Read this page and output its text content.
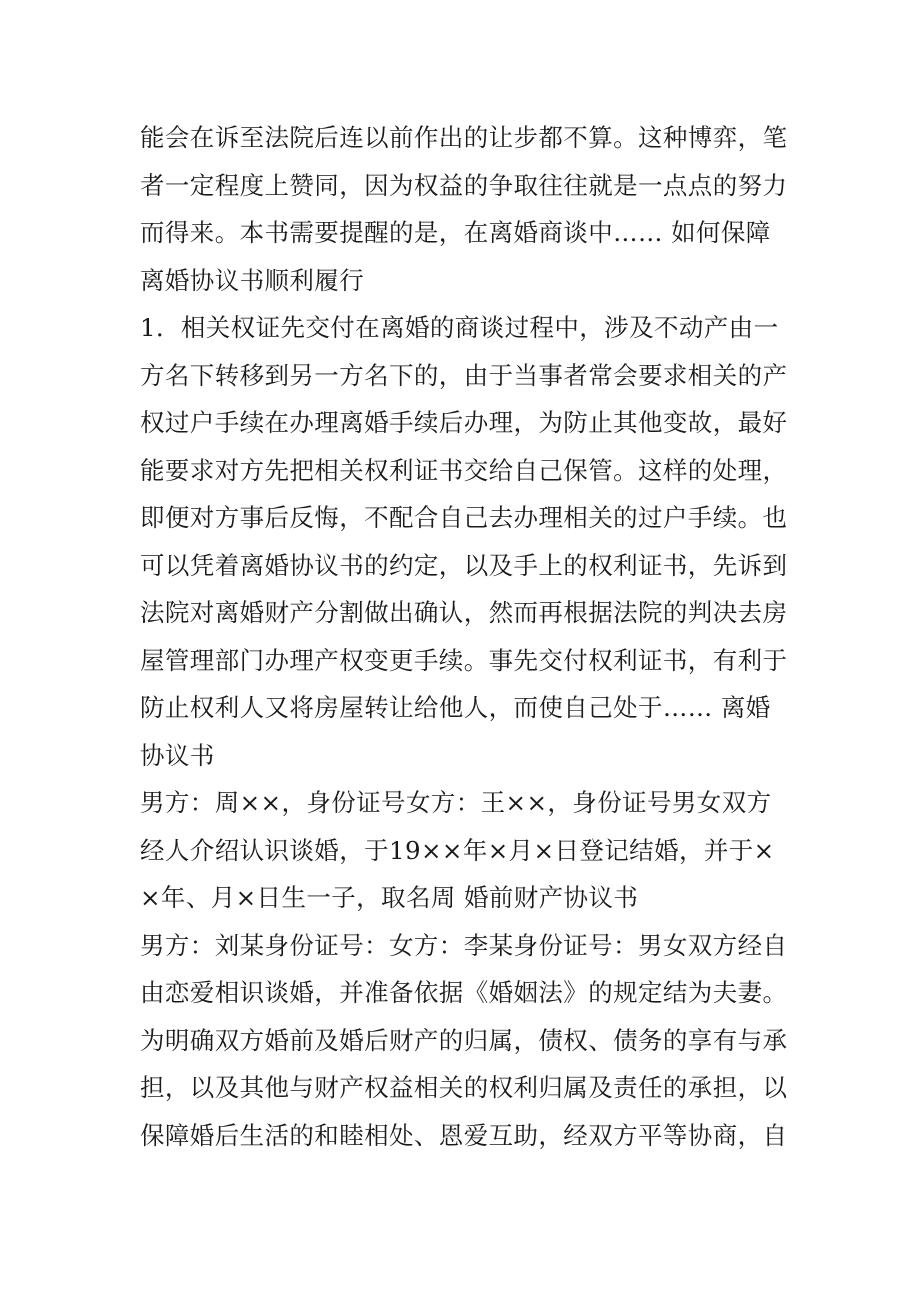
能会在诉至法院后连以前作出的让步都不算。这种博弈，笔
者一定程度上赞同，因为权益的争取往往就是一点点的努力
而得来。本书需要提醒的是，在离婚商谈中…… 如何保障
离婚协议书顺利履行
1．相关权证先交付在离婚的商谈过程中，涉及不动产由一
方名下转移到另一方名下的，由于当事者常会要求相关的产
权过户手续在办理离婚手续后办理，为防止其他变故，最好
能要求对方先把相关权利证书交给自己保管。这样的处理，
即便对方事后反悔，不配合自己去办理相关的过户手续。也
可以凭着离婚协议书的约定，以及手上的权利证书，先诉到
法院对离婚财产分割做出确认，然而再根据法院的判决去房
屋管理部门办理产权变更手续。事先交付权利证书，有利于
防止权利人又将房屋转让给他人，而使自己处于…… 离婚
协议书
男方：周××，身份证号女方：王××，身份证号男女双方
经人介绍认识谈婚，于19××年×月×日登记结婚，并于×
×年、月×日生一子，取名周 婚前财产协议书
男方：刘某身份证号：女方：李某身份证号：男女双方经自
由恋爱相识谈婚，并准备依据《婚姻法》的规定结为夫妻。
为明确双方婚前及婚后财产的归属，债权、债务的享有与承
担，以及其他与财产权益相关的权利归属及责任的承担，以
保障婚后生活的和睦相处、恩爱互助，经双方平等协商，自
